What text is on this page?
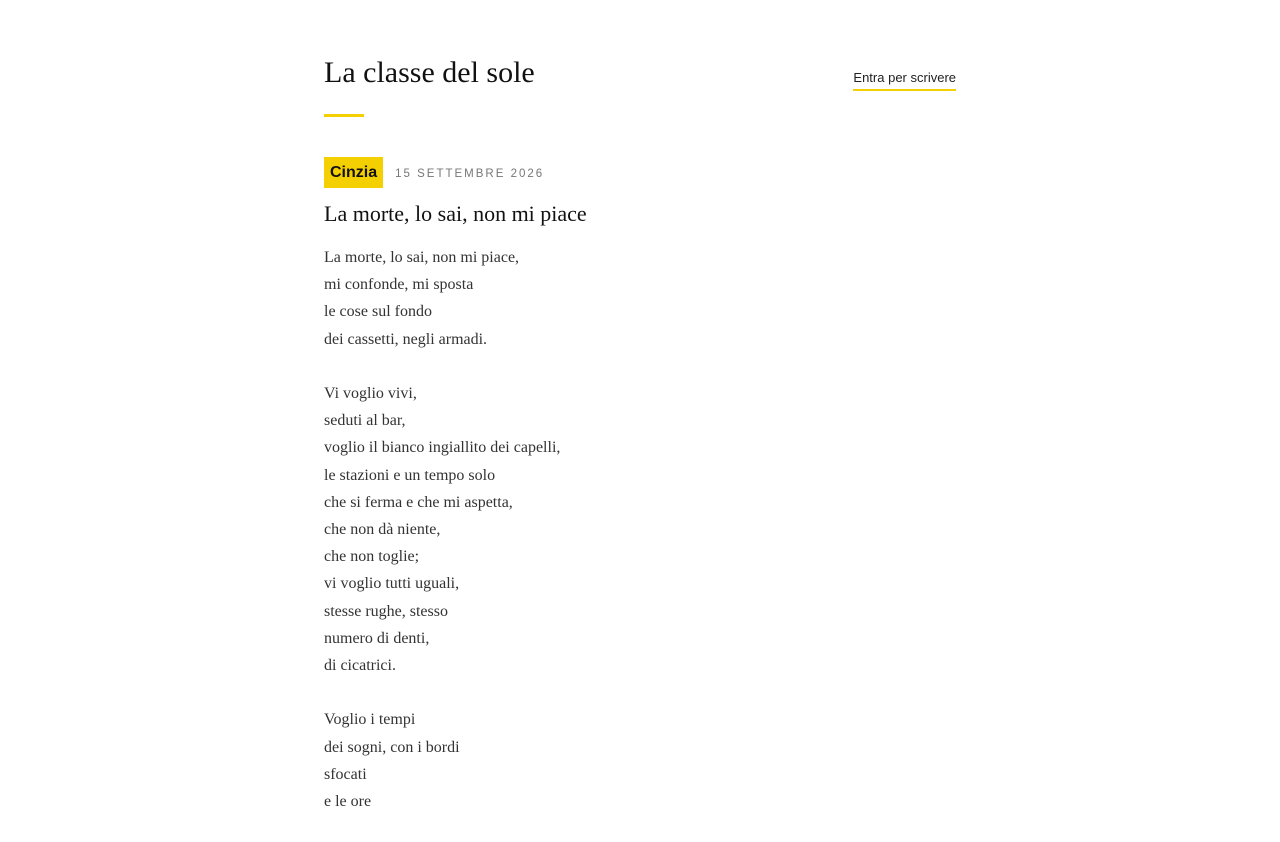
La classe del sole	Entra per scrivere
Cinzia	15 SETTEMBRE 2026
La morte, lo sai, non mi piace

La morte, lo sai, non mi piace,
mi confonde, mi sposta
le cose sul fondo
dei cassetti, negli armadi.

Vi voglio vivi,
seduti al bar,
voglio il bianco ingiallito dei capelli,
le stazioni e un tempo solo
che si ferma e che mi aspetta,
che non dà niente,
che non toglie;
vi voglio tutti uguali,
stesse rughe, stesso
numero di denti,
di cicatrici.

Voglio i tempi
dei sogni, con i bordi
sfocati
e le ore
